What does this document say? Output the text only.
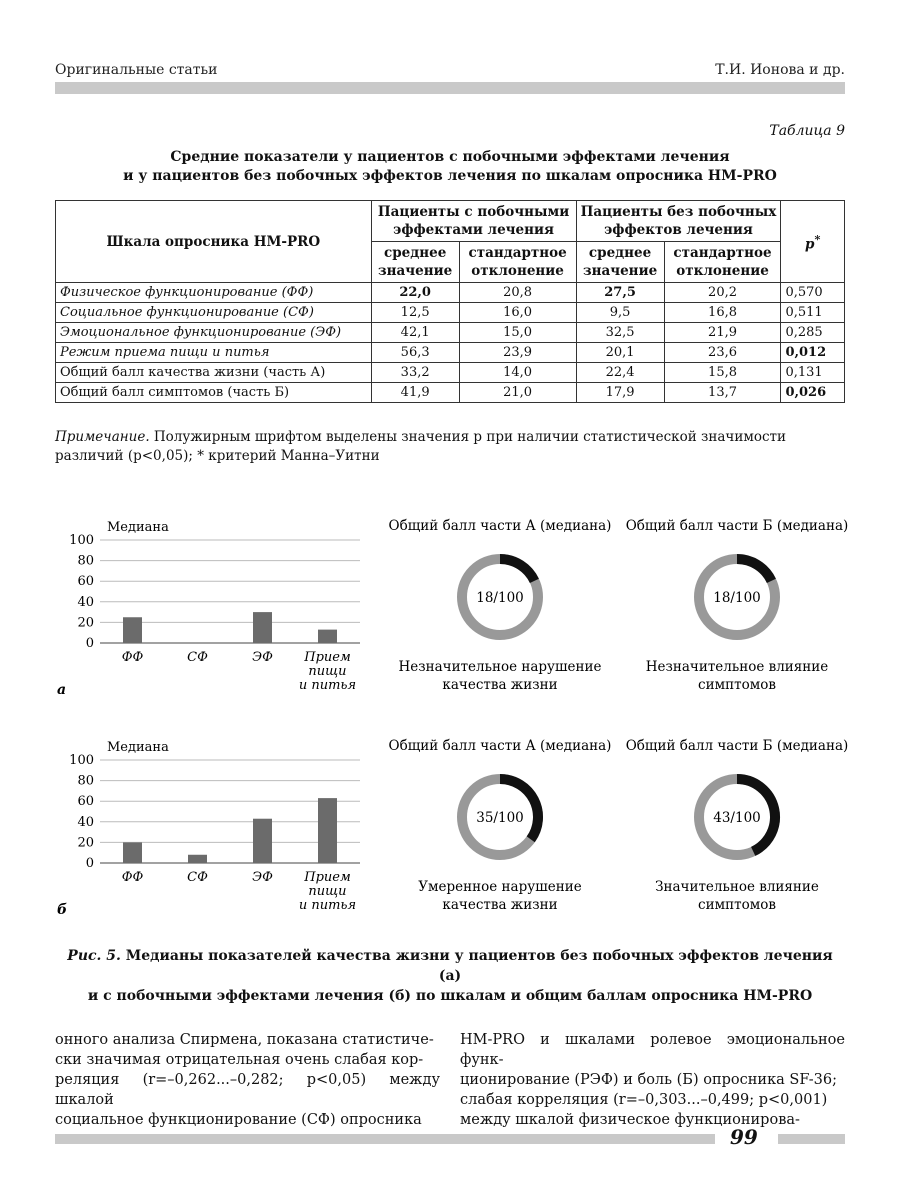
Оригинальные статьи	Т.И. Ионова и др.
Таблица 9
Средние показатели у пациентов с побочными эффектами лечения
и у пациентов без побочных эффектов лечения по шкалам опросника HM-PRO
Шкала опросника HM-PRO	Пациенты с побочными эффектами лечения		Пациенты без побочных эффектов лечения		p*
	среднее значение	стандартное отклонение	среднее значение	стандартное отклонение	
Физическое функционирование (ФФ)	22,0	20,8	27,5	20,2	0,570
Социальное функционирование (СФ)	12,5	16,0	9,5	16,8	0,511
Эмоциональное функционирование (ЭФ)	42,1	15,0	32,5	21,9	0,285
Режим приема пищи и питья	56,3	23,9	20,1	23,6	0,012
Общий балл качества жизни (часть А)	33,2	14,0	22,4	15,8	0,131
Общий балл симптомов (часть Б)	41,9	21,0	17,9	13,7	0,026
Примечание. Полужирным шрифтом выделены значения p при наличии статистической значимости различий (p<0,05); * критерий Манна–Уитни
Медиана
0
20
40
60
80
100
ФФ	СФ	ЭФ Прием
пищи
и питья
а
Общий балл части А (медиана)
18/100
Незначительное нарушение
качества жизни
Общий балл части Б (медиана)
18/100
Незначительное влияние
симптомов
Медиана
0
20
40
60
80
100
ФФ	СФ	ЭФ Прием
пищи
и питья
б
Общий балл части А (медиана)
35/100
Умеренное нарушение
качества жизни
Общий балл части Б (медиана)
43/100
Значительное влияние
симптомов
Рис. 5. Медианы показателей качества жизни у пациентов без побочных эффектов лечения (а)
и с побочными эффектами лечения (б) по шкалам и общим баллам опросника HM-PRO
онного анализа Спирмена, показана статистиче-
ски значимая отрицательная очень слабая кор-
реляция (r=–0,262...–0,282; p<0,05) между шкалой
социальное функционирование (СФ) опросника
HM-PRO и шкалами ролевое эмоциональное функ-
ционирование (РЭФ) и боль (Б) опросника SF-36;
слабая корреляция (r=–0,303...–0,499; p<0,001)
между шкалой физическое функционирова-
99
